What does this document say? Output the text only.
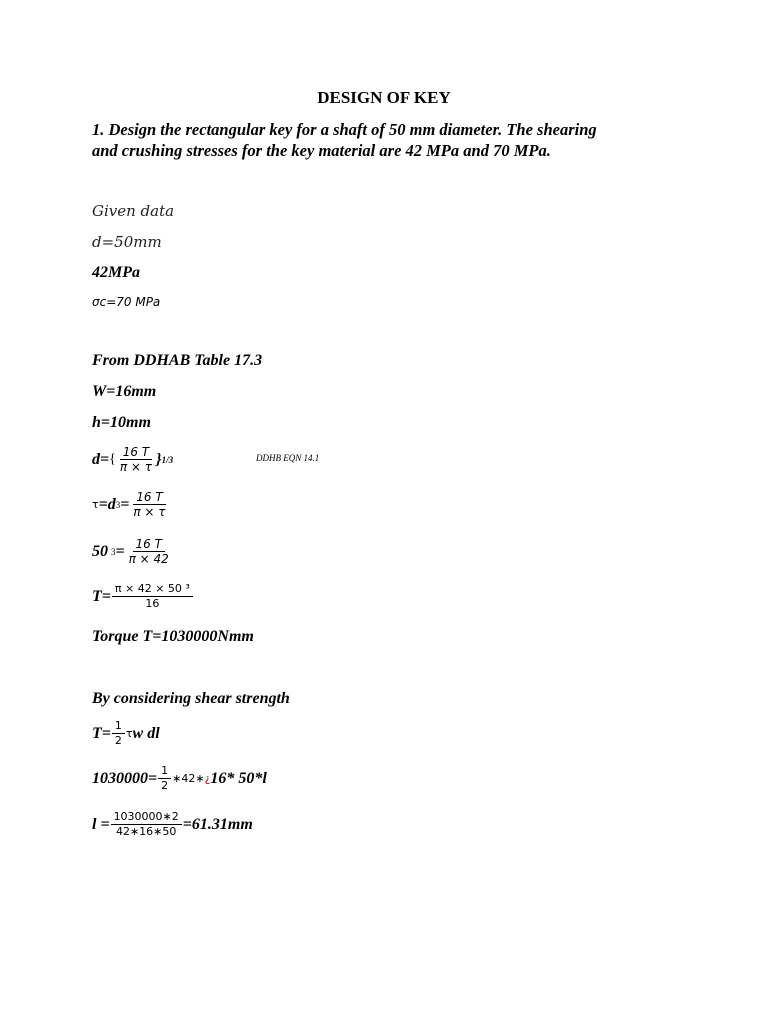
DESIGN OF KEY
1. Design the rectangular key for a shaft of 50 mm diameter. The shearing
and crushing stresses for the key material are 42 MPa and 70 MPa.
Given data
d=50mm
42MPa
σc=70 MPa
From DDHAB Table 17.3
W=16mm
h=10mm
d= { $\frac{16 T}{\pi \times \tau}$ } 1/3	DDHB EQN 14.1
τ =d $3 = \frac{16 T}{\pi \times \tau}$
50 $3 = \frac{16 T}{\pi \times 42}$
$T= \frac{\text{π × 42 × 50 ³}}{16}$
Torque T=1030000Nmm
By considering shear strength
$T= \frac{1}{2}$ τ w dl
$1030000= \frac{1}{2}$ ∗42∗ ¿ 16* 50*l
$l = \frac{1030000∗2}{42∗16∗50} =61.31mm$
